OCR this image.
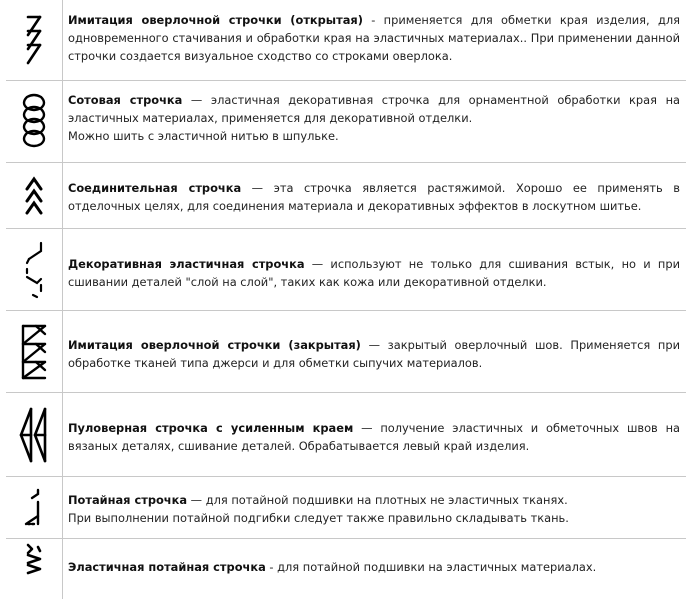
Имитация оверлочной строчки (открытая) - применяется для обметки края изделия, для одновременного стачивания и обработки края на эластичных материалах.. При применении данной строчки создается визуальное сходство со строками оверлока.
Сотовая строчка — эластичная декоративная строчка для орнаментной обработки края на эластичных материалах, применяется для декоративной отделки.
Можно шить с эластичной нитью в шпульке.
Соединительная строчка — эта строчка является растяжимой. Хорошо ее применять в отделочных целях, для соединения материала и декоративных эффектов в лоскутном шитье.
Декоративная эластичная строчка — используют не только для сшивания встык, но и при сшивании деталей "слой на слой", таких как кожа или декоративной отделки.
Имитация оверлочной строчки (закрытая) — закрытый оверлочный шов. Применяется при обработке тканей типа джерси и для обметки сыпучих материалов.
Пуловерная строчка с усиленным краем — получение эластичных и обметочных швов на вязаных деталях, сшивание деталей. Обрабатывается левый край изделия.
Потайная строчка — для потайной подшивки на плотных не эластичных тканях.
При выполнении потайной подгибки следует также правильно складывать ткань.
Эластичная потайная строчка - для потайной подшивки на эластичных материалах.
